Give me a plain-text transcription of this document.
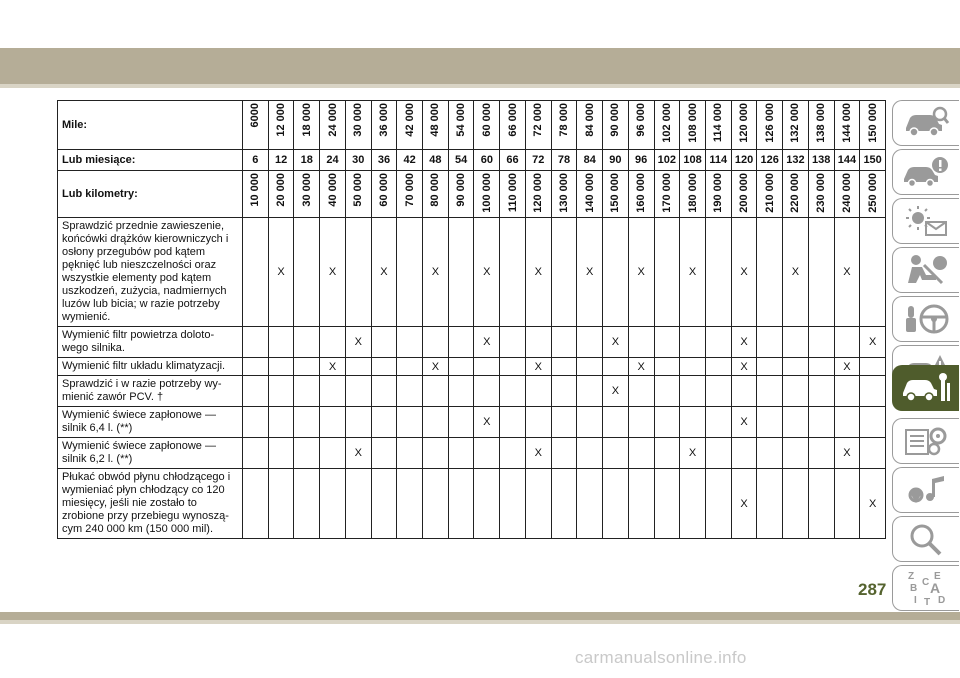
Mile:	6000	12 000	18 000	24 000	30 000	36 000	42 000	48 000	54 000	60 000	66 000	72 000	78 000	84 000	90 000	96 000	102 000	108 000	114 000	120 000	126 000	132 000	138 000	144 000	150 000
Lub miesiące:	6	12	18	24	30	36	42	48	54	60	66	72	78	84	90	96	102	108	114	120	126	132	138	144	150
Lub kilometry:	10 000	20 000	30 000	40 000	50 000	60 000	70 000	80 000	90 000	100 000	110 000	120 000	130 000	140 000	150 000	160 000	170 000	180 000	190 000	200 000	210 000	220 000	230 000	240 000	250 000
Sprawdzić przednie zawieszenie, końcówki drążków kierowniczych i osłony przegubów pod kątem pęknięć lub nieszczelności oraz wszystkie elementy pod kątem uszkodzeń, zużycia, nadmiernych luzów lub bicia; w razie potrzeby wymienić.		X		X		X		X		X		X		X		X		X		X		X		X	
Wymienić filtr powietrza doloto-wego silnika.					X					X					X					X					X
Wymienić filtr układu klimatyzacji.				X				X				X				X				X				X	
Sprawdzić i w razie potrzeby wy-mienić zawór PCV. †															X										
Wymienić świece zapłonowe — silnik 6,4 l. (**)										X										X					
Wymienić świece zapłonowe — silnik 6,2 l. (**)					X							X						X						X	
Płukać obwód płynu chłodzącego i wymieniać płyn chłodzący co 120 miesięcy, jeśli nie zostało to zrobione przy przebiegu wynoszą-cym 240 000 km (150 000 mil).																				X					X
Z E
B A
C
D
I T
287
carmanualsonline.info
